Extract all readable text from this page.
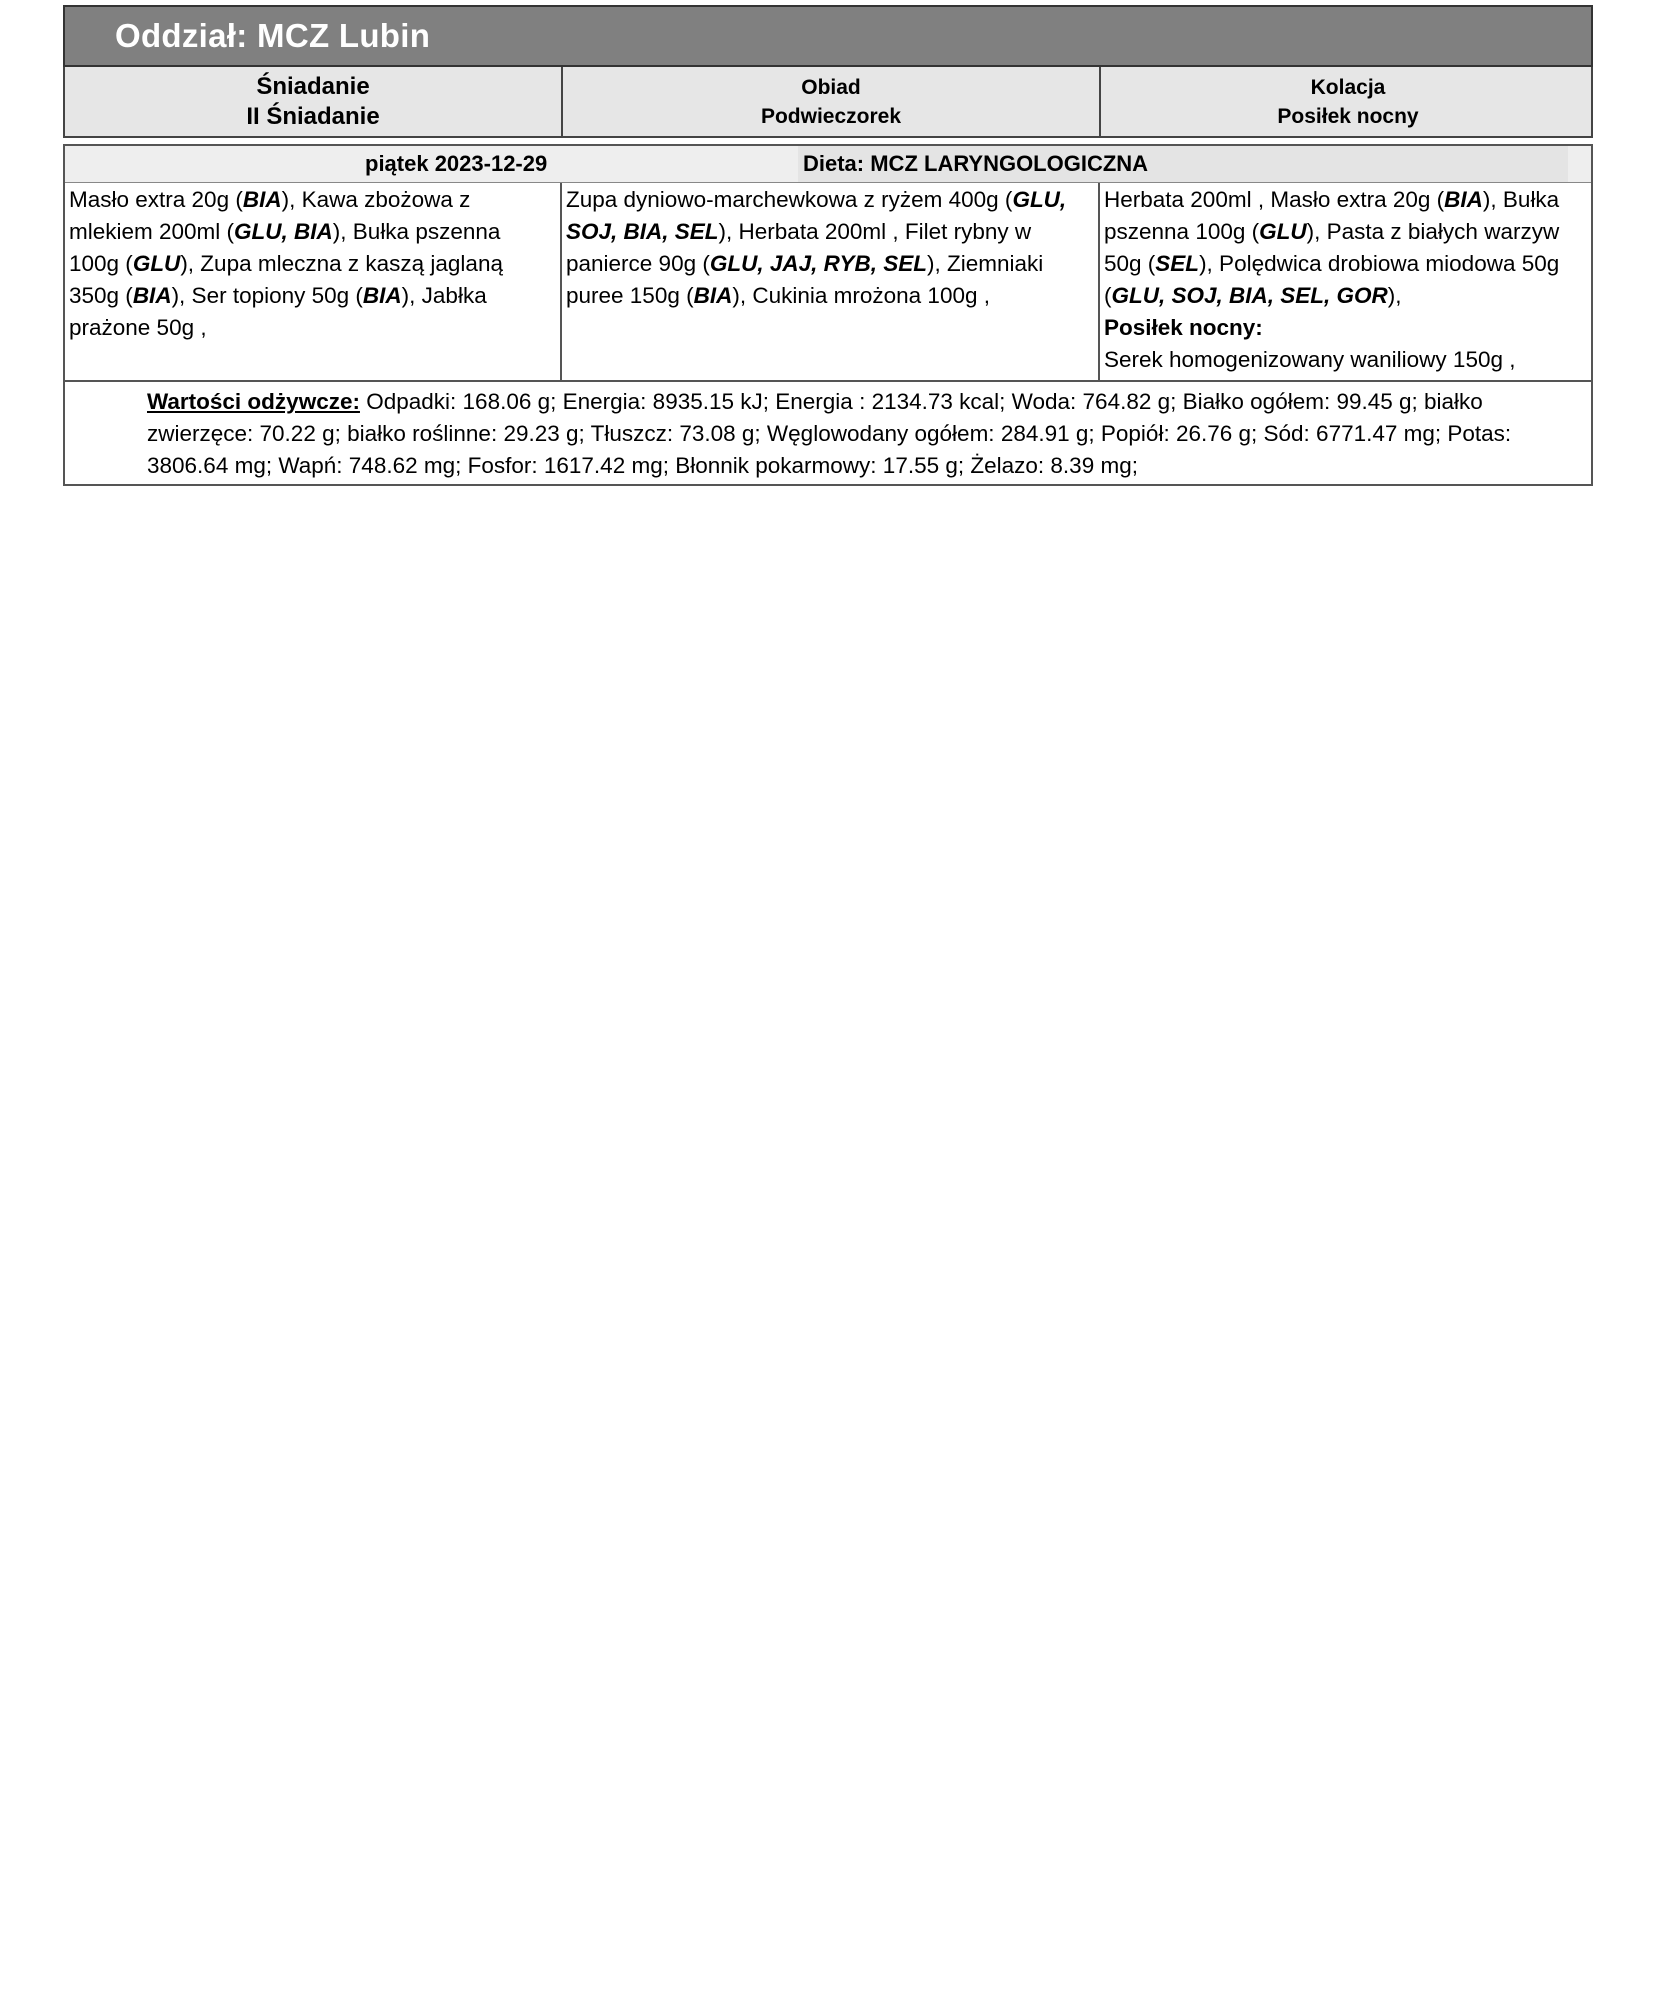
Oddział: MCZ Lubin
Śniadanie
II Śniadanie
Obiad
Podwieczorek
Kolacja
Posiłek nocny
piątek 2023-12-29	Dieta: MCZ LARYNGOLOGICZNA
Masło extra 20g (BIA), Kawa zbożowa z mlekiem 200ml (GLU, BIA), Bułka pszenna 100g (GLU), Zupa mleczna z kaszą jaglaną 350g (BIA), Ser topiony 50g (BIA), Jabłka prażone 50g ,
Zupa dyniowo-marchewkowa z ryżem 400g (GLU, SOJ, BIA, SEL), Herbata 200ml , Filet rybny w panierce 90g (GLU, JAJ, RYB, SEL), Ziemniaki puree 150g (BIA), Cukinia mrożona 100g ,
Herbata 200ml , Masło extra 20g (BIA), Bułka pszenna 100g (GLU), Pasta z białych warzyw 50g (SEL), Polędwica drobiowa miodowa 50g (GLU, SOJ, BIA, SEL, GOR),
Posiłek nocny:
Serek homogenizowany waniliowy 150g ,
Wartości odżywcze: Odpadki: 168.06 g; Energia: 8935.15 kJ; Energia : 2134.73 kcal; Woda: 764.82 g; Białko ogółem: 99.45 g; białko zwierzęce: 70.22 g; białko roślinne: 29.23 g; Tłuszcz: 73.08 g; Węglowodany ogółem: 284.91 g; Popiół: 26.76 g; Sód: 6771.47 mg; Potas: 3806.64 mg; Wapń: 748.62 mg; Fosfor: 1617.42 mg; Błonnik pokarmowy: 17.55 g; Żelazo: 8.39 mg;
